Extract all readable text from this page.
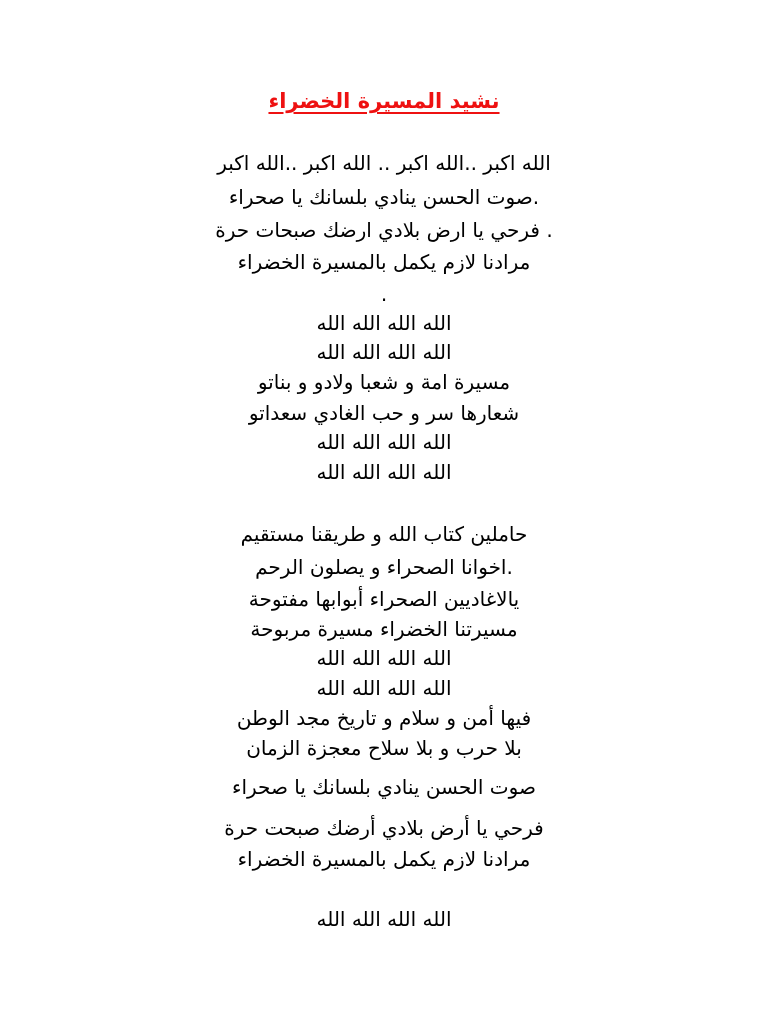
نشيد المسيرة الخضراء
الله اكبر ..الله اكبر .. الله اكبر ..الله اكبر
.صوت الحسن ينادي بلسانك يا صحراء
. فرحي يا ارض بلادي ارضك صبحات حرة
مرادنا لازم يكمل بالمسيرة الخضراء
.
الله الله الله الله
الله الله الله الله
مسيرة امة و شعبا ولادو و بناتو
شعارها سر و حب الغادي سعداتو
الله الله الله الله
الله الله الله الله
حاملين كتاب الله و طريقنا مستقيم
.اخوانا الصحراء و يصلون الرحم
يالاغاديين الصحراء أبوابها مفتوحة
مسيرتنا الخضراء مسيرة مربوحة
الله الله الله الله
الله الله الله الله
فيها أمن و سلام و تاريخ مجد الوطن
بلا حرب و بلا سلاح معجزة الزمان
صوت الحسن ينادي بلسانك يا صحراء
فرحي يا أرض بلادي أرضك صبحت حرة
مرادنا لازم يكمل بالمسيرة الخضراء
الله الله الله الله
